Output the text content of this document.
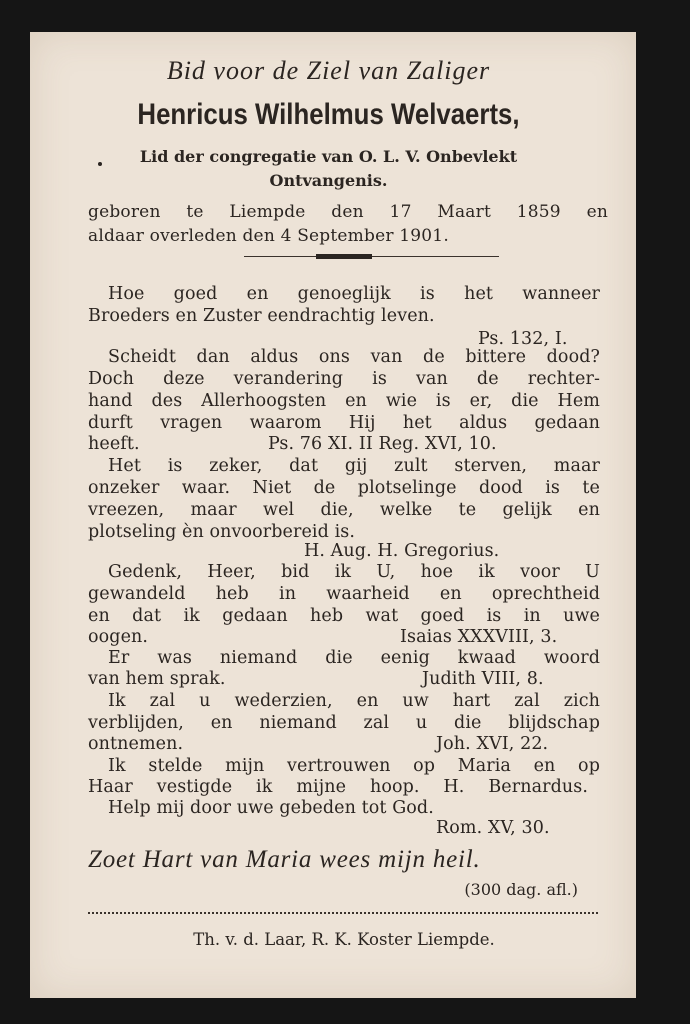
Bid voor de Ziel van Zaliger
Henricus Wilhelmus Welvaerts,
Lid der congregatie van O. L. V. Onbevlekt
Ontvangenis.
geboren te Liempde den 17 Maart 1859 en
aldaar overleden den 4 September 1901.
Hoe goed en genoeglijk is het wanneer
Broeders en Zuster eendrachtig leven.
Ps. 132, I.
Scheidt dan aldus ons van de bittere dood?
Doch deze verandering is van de rechter-
hand des Allerhoogsten en wie is er, die Hem
durft vragen waarom Hij het aldus gedaan
heeft.	Ps. 76 XI. II Reg. XVI, 10.
Het is zeker, dat gij zult sterven, maar
onzeker waar. Niet de plotselinge dood is te
vreezen, maar wel die, welke te gelijk en
plotseling èn onvoorbereid is.
H. Aug. H. Gregorius.
Gedenk, Heer, bid ik U, hoe ik voor U
gewandeld heb in waarheid en oprechtheid
en dat ik gedaan heb wat goed is in uwe
oogen.	Isaias XXXVIII, 3.
Er was niemand die eenig kwaad woord
van hem sprak.	Judith VIII, 8.
Ik zal u wederzien, en uw hart zal zich
verblijden, en niemand zal u die blijdschap
ontnemen.	Joh. XVI, 22.
Ik stelde mijn vertrouwen op Maria en op
Haar vestigde ik mijne hoop. H. Bernardus.
Help mij door uwe gebeden tot God.
Rom. XV, 30.
Zoet Hart van Maria wees mijn heil.
(300 dag. afl.)
Th. v. d. Laar, R. K. Koster Liempde.
